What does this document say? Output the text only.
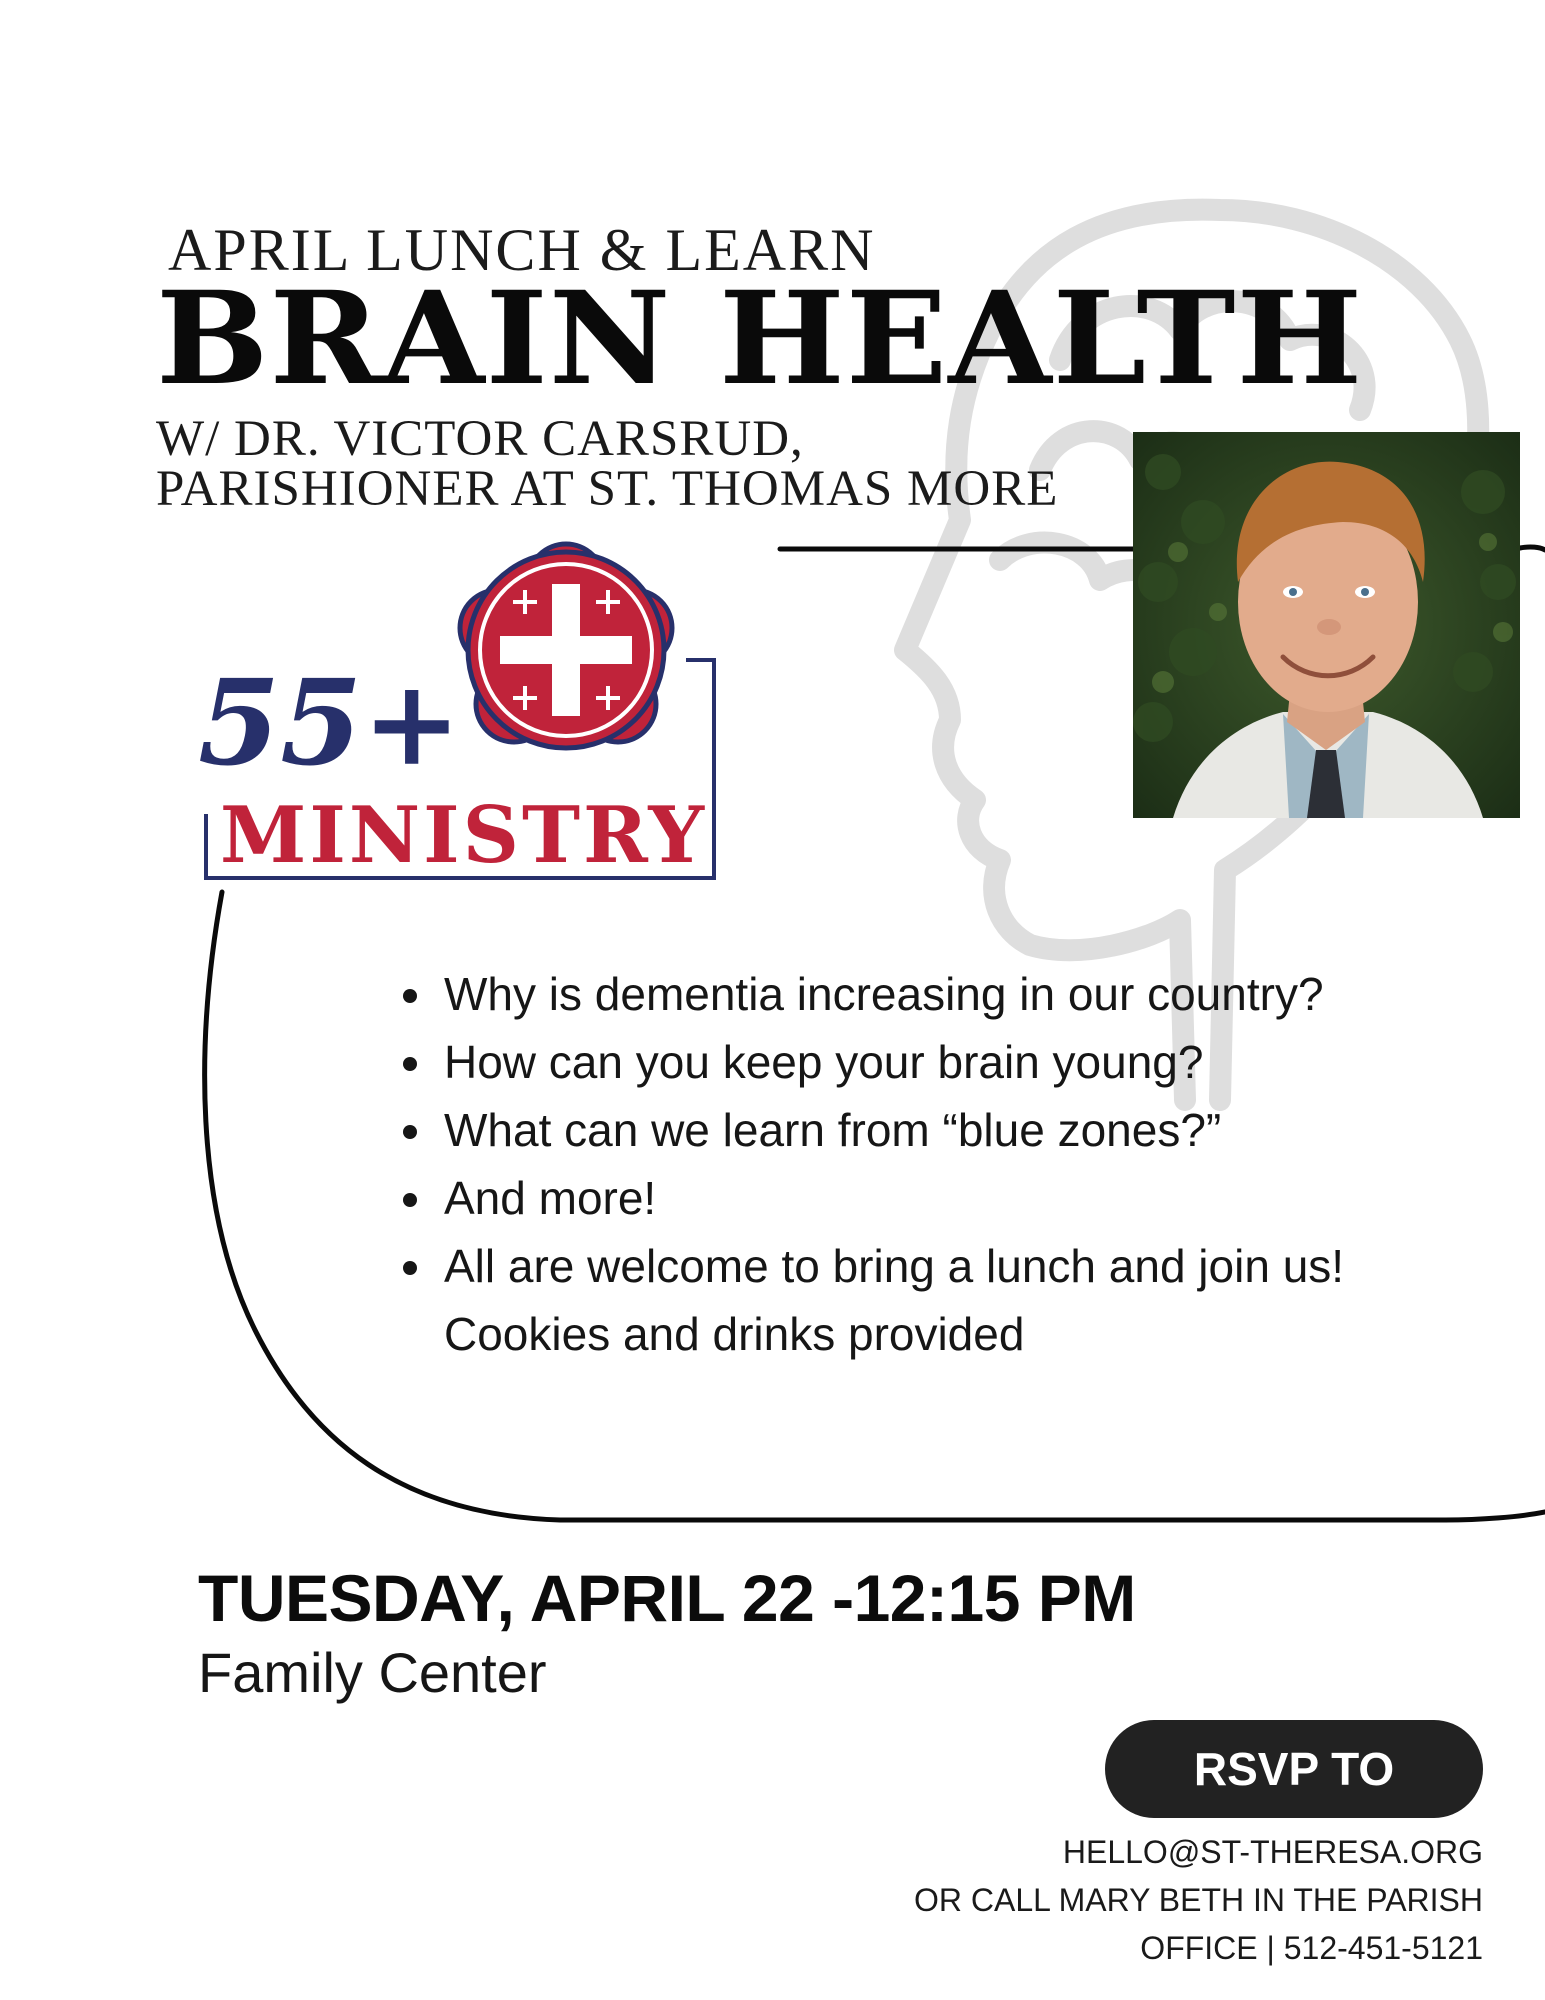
APRIL LUNCH & LEARN
BRAIN HEALTH
W/ DR. VICTOR CARSRUD,
PARISHIONER AT ST. THOMAS MORE
55+
MINISTRY
• Why is dementia increasing in our country?
• How can you keep your brain young?
• What can we learn from “blue zones?”
• And more!
• All are welcome to bring a lunch and join us! Cookies and drinks provided
TUESDAY, APRIL 22 -12:15 PM
Family Center
RSVP TO
HELLO@ST-THERESA.ORG
OR CALL MARY BETH IN THE PARISH
OFFICE | 512-451-5121
